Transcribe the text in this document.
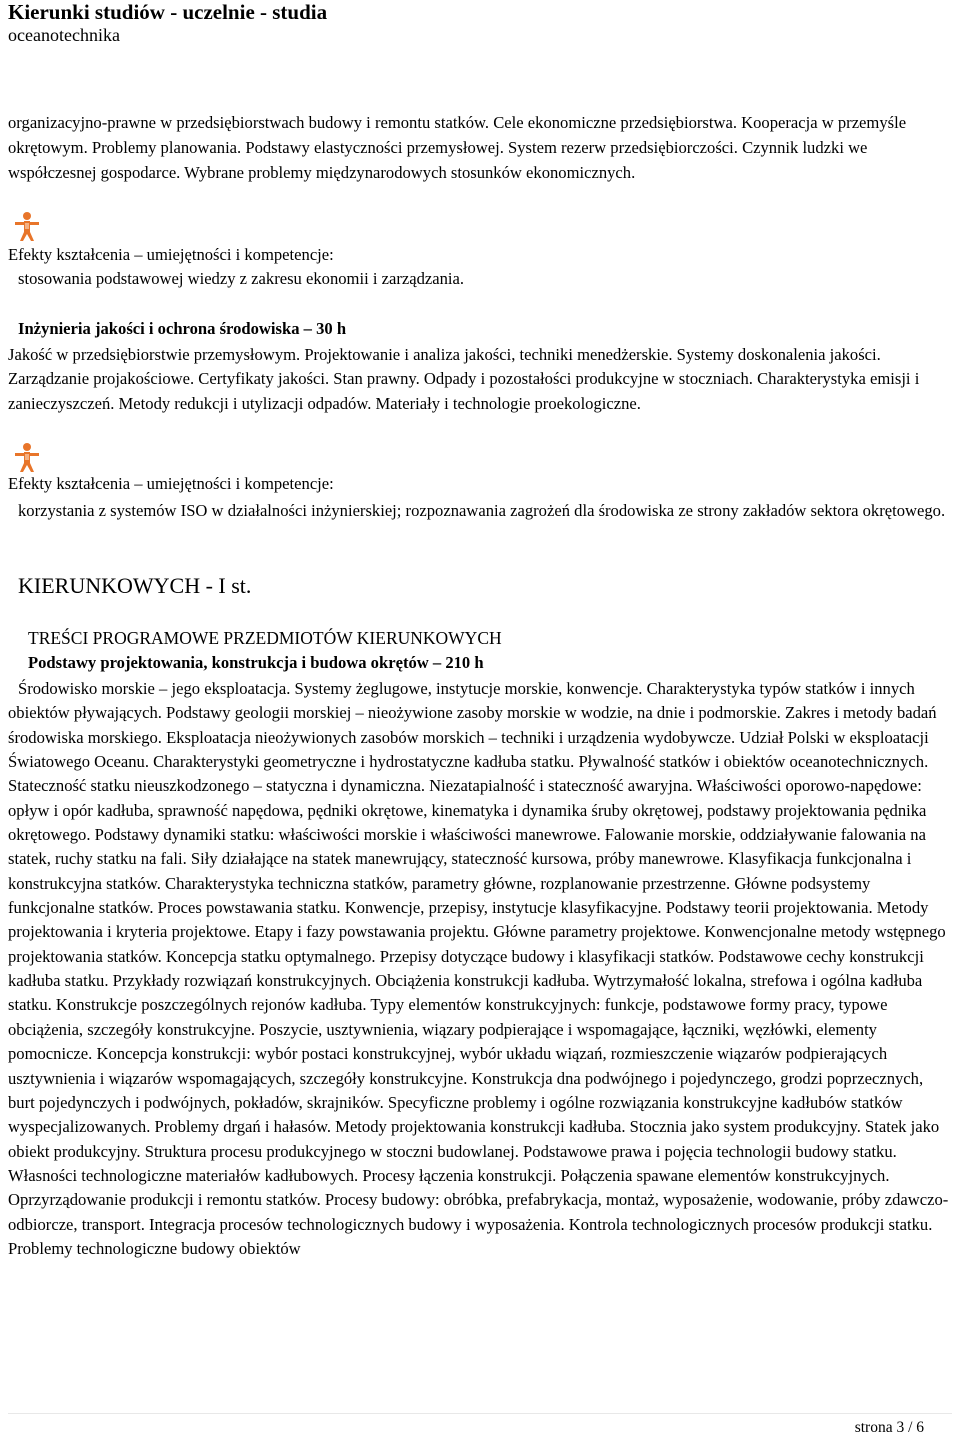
Kierunki studiów - uczelnie - studia
oceanotechnika

organizacyjno-prawne w przedsiębiorstwach budowy i remontu statków. Cele ekonomiczne przedsiębiorstwa. Kooperacja w przemyśle okrętowym. Problemy planowania. Podstawy elastyczności przemysłowej. System rezerw przedsiębiorczości. Czynnik ludzki we współczesnej gospodarce. Wybrane problemy międzynarodowych stosunków ekonomicznych.

Efekty kształcenia – umiejętności i kompetencje:
stosowania podstawowej wiedzy z zakresu ekonomii i zarządzania.
Inżynieria jakości i ochrona środowiska – 30 h

Jakość w przedsiębiorstwie przemysłowym. Projektowanie i analiza jakości, techniki menedżerskie. Systemy doskonalenia jakości. Zarządzanie projakościowe. Certyfikaty jakości. Stan prawny. Odpady i pozostałości produkcyjne w stoczniach. Charakterystyka emisji i zanieczyszczeń. Metody redukcji i utylizacji odpadów. Materiały i technologie proekologiczne.

Efekty kształcenia – umiejętności i kompetencje:

korzystania z systemów ISO w działalności inżynierskiej; rozpoznawania zagrożeń dla środowiska ze strony zakładów sektora okrętowego.

KIERUNKOWYCH - I st.
TREŚCI PROGRAMOWE PRZEDMIOTÓW KIERUNKOWYCH
Podstawy projektowania, konstrukcja i budowa okrętów – 210 h

Środowisko morskie – jego eksploatacja. Systemy żeglugowe, instytucje morskie, konwencje. Charakterystyka typów statków i innych obiektów pływających. Podstawy geologii morskiej – nieożywione zasoby morskie w wodzie, na dnie i podmorskie. Zakres i metody badań środowiska morskiego. Eksploatacja nieożywionych zasobów morskich – techniki i urządzenia wydobywcze. Udział Polski w eksploatacji Światowego Oceanu. Charakterystyki geometryczne i hydrostatyczne kadłuba statku. Pływalność statków i obiektów oceanotechnicznych. Stateczność statku nieuszkodzonego – statyczna i dynamiczna. Niezatapialność i stateczność awaryjna. Właściwości oporowo-napędowe: opływ i opór kadłuba, sprawność napędowa, pędniki okrętowe, kinematyka i dynamika śruby okrętowej, podstawy projektowania pędnika okrętowego. Podstawy dynamiki statku: właściwości morskie i właściwości manewrowe. Falowanie morskie, oddziaływanie falowania na statek, ruchy statku na fali. Siły działające na statek manewrujący, stateczność kursowa, próby manewrowe. Klasyfikacja funkcjonalna i konstrukcyjna statków. Charakterystyka techniczna statków, parametry główne, rozplanowanie przestrzenne. Główne podsystemy funkcjonalne statków. Proces powstawania statku. Konwencje, przepisy, instytucje klasyfikacyjne. Podstawy teorii projektowania. Metody projektowania i kryteria projektowe. Etapy i fazy powstawania projektu. Główne parametry projektowe. Konwencjonalne metody wstępnego projektowania statków. Koncepcja statku optymalnego. Przepisy dotyczące budowy i klasyfikacji statków. Podstawowe cechy konstrukcji kadłuba statku. Przykłady rozwiązań konstrukcyjnych. Obciążenia konstrukcji kadłuba. Wytrzymałość lokalna, strefowa i ogólna kadłuba statku. Konstrukcje poszczególnych rejonów kadłuba. Typy elementów konstrukcyjnych: funkcje, podstawowe formy pracy, typowe obciążenia, szczegóły konstrukcyjne. Poszycie, usztywnienia, wiązary podpierające i wspomagające, łączniki, węzłówki, elementy pomocnicze. Koncepcja konstrukcji: wybór postaci konstrukcyjnej, wybór układu wiązań, rozmieszczenie wiązarów podpierających usztywnienia i wiązarów wspomagających, szczegóły konstrukcyjne. Konstrukcja dna podwójnego i pojedynczego, grodzi poprzecznych, burt pojedynczych i podwójnych, pokładów, skrajników. Specyficzne problemy i ogólne rozwiązania konstrukcyjne kadłubów statków wyspecjalizowanych. Problemy drgań i hałasów. Metody projektowania konstrukcji kadłuba. Stocznia jako system produkcyjny. Statek jako obiekt produkcyjny. Struktura procesu produkcyjnego w stoczni budowlanej. Podstawowe prawa i pojęcia technologii budowy statku. Własności technologiczne materiałów kadłubowych. Procesy łączenia konstrukcji. Połączenia spawane elementów konstrukcyjnych. Oprzyrządowanie produkcji i remontu statków. Procesy budowy: obróbka, prefabrykacja, montaż, wyposażenie, wodowanie, próby zdawczo-odbiorcze, transport. Integracja procesów technologicznych budowy i wyposażenia. Kontrola technologicznych procesów produkcji statku. Problemy technologiczne budowy obiektów

strona 3 / 6
